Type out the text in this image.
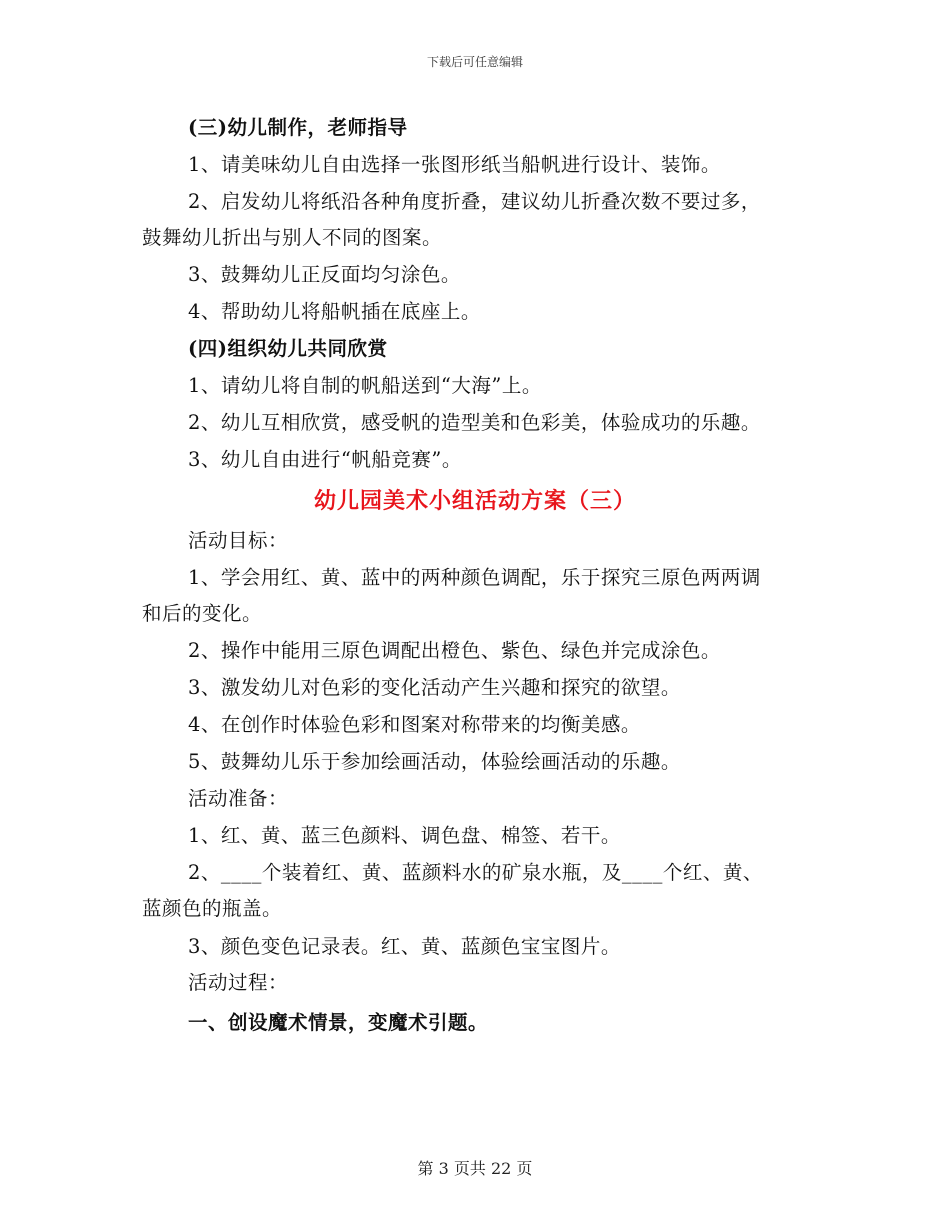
下载后可任意编辑
(三)幼儿制作，老师指导
1、请美味幼儿自由选择一张图形纸当船帆进行设计、装饰。
2、启发幼儿将纸沿各种角度折叠，建议幼儿折叠次数不要过多，
鼓舞幼儿折出与别人不同的图案。
3、鼓舞幼儿正反面均匀涂色。
4、帮助幼儿将船帆插在底座上。
(四)组织幼儿共同欣赏
1、请幼儿将自制的帆船送到“大海”上。
2、幼儿互相欣赏，感受帆的造型美和色彩美，体验成功的乐趣。
3、幼儿自由进行“帆船竞赛”。
幼儿园美术小组活动方案（三）
活动目标：
1、学会用红、黄、蓝中的两种颜色调配，乐于探究三原色两两调
和后的变化。
2、操作中能用三原色调配出橙色、紫色、绿色并完成涂色。
3、激发幼儿对色彩的变化活动产生兴趣和探究的欲望。
4、在创作时体验色彩和图案对称带来的均衡美感。
5、鼓舞幼儿乐于参加绘画活动，体验绘画活动的乐趣。
活动准备：
1、红、黄、蓝三色颜料、调色盘、棉签、若干。
2、____个装着红、黄、蓝颜料水的矿泉水瓶，及____个红、黄、
蓝颜色的瓶盖。
3、颜色变色记录表。红、黄、蓝颜色宝宝图片。
活动过程：
一、创设魔术情景，变魔术引题。
第 3 页共 22 页
